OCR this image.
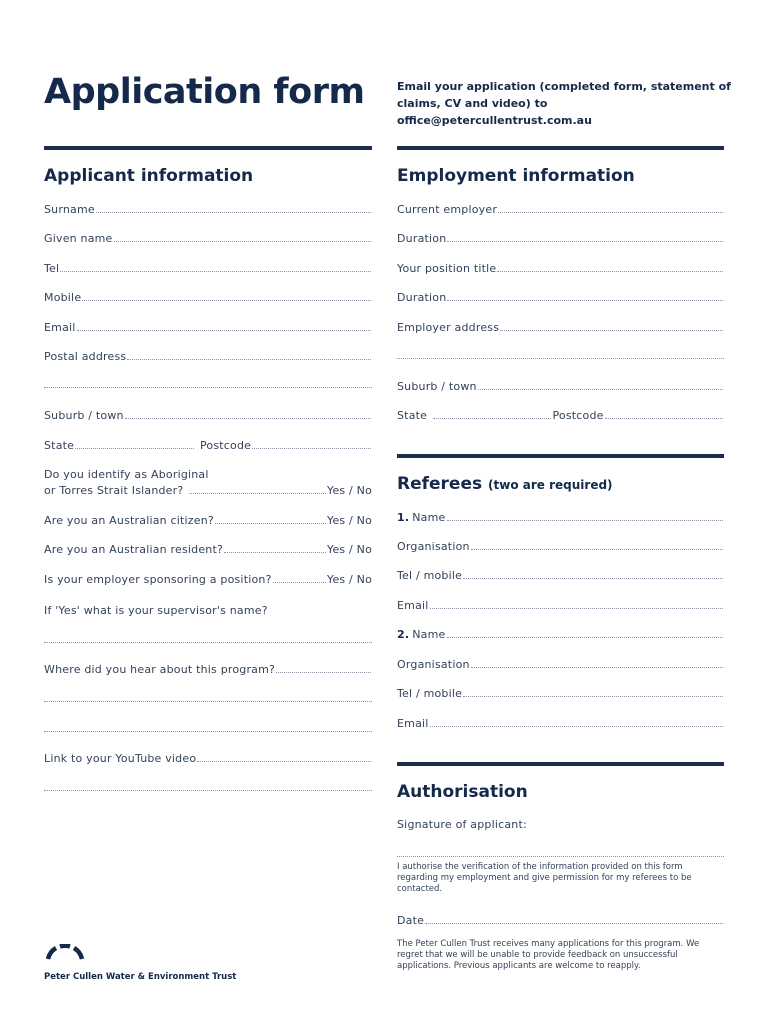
Application form	Email your application (completed form, statement of claims, CV and video) to office@petercullentrust.com.au
Applicant information
Surname
Given name
Tel
Mobile
Email
Postal address
Suburb / town
State	Postcode
Do you identify as Aboriginal
or Torres Strait Islander?	Yes / No
Are you an Australian citizen?	Yes / No
Are you an Australian resident?	Yes / No
Is your employer sponsoring a position?	Yes / No
If 'Yes' what is your supervisor's name?
Where did you hear about this program?
Link to your YouTube video
Employment information
Current employer
Duration
Your position title
Duration
Employer address
Suburb / town
State	Postcode
Referees (two are required)
1. Name
Organisation
Tel / mobile
Email
2. Name
Organisation
Tel / mobile
Email
Authorisation
Signature of applicant:
I authorise the verification of the information provided on this form regarding my employment and give permission for my referees to be contacted.
Date
The Peter Cullen Trust receives many applications for this program. We regret that we will be unable to provide feedback on unsuccessful applications. Previous applicants are welcome to reapply.
Peter Cullen Water & Environment Trust
